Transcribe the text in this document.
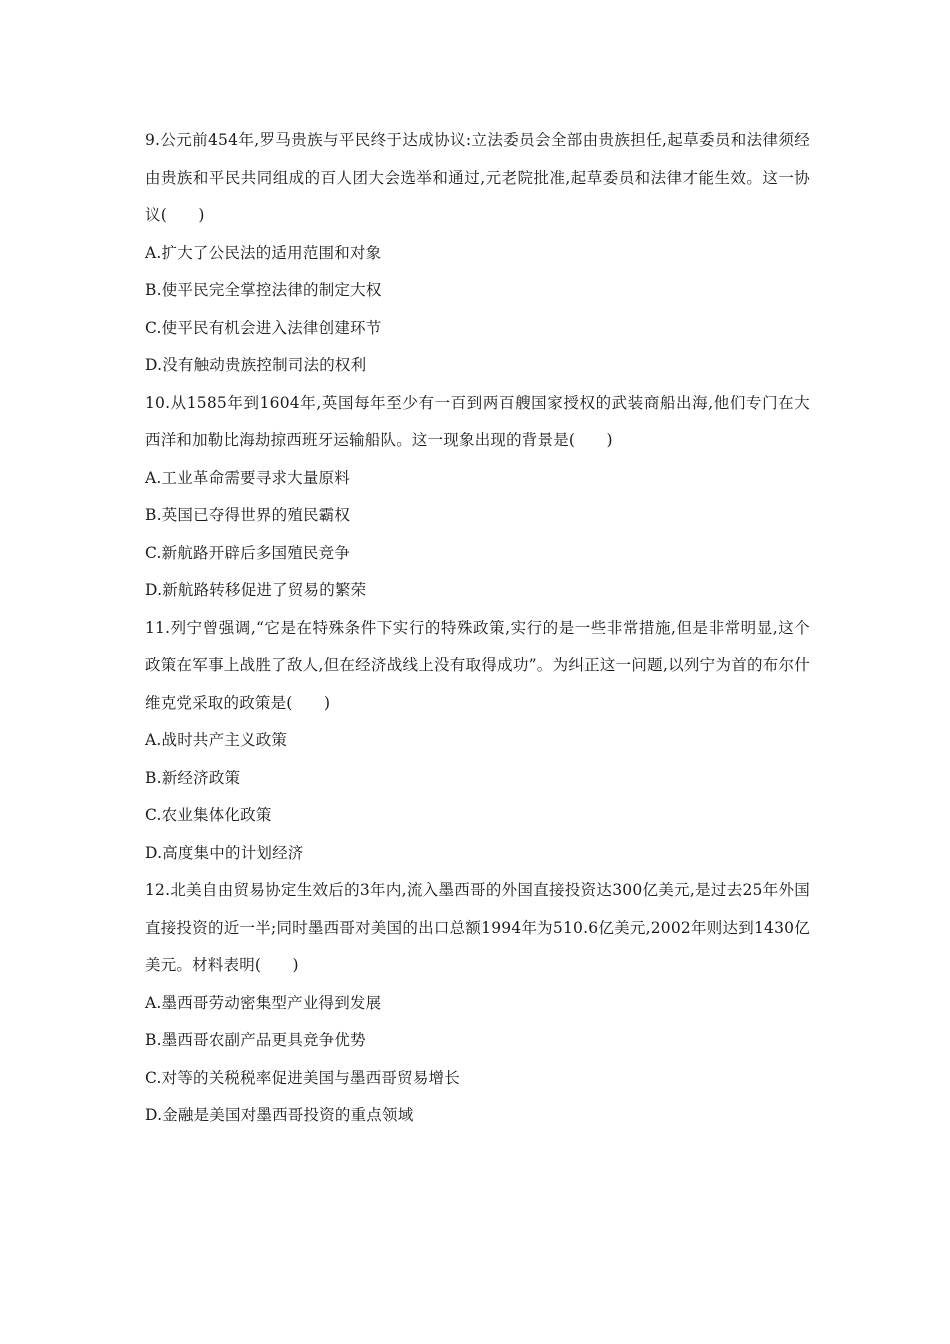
9.公元前454年,罗马贵族与平民终于达成协议:立法委员会全部由贵族担任,起草委员和法律须经由贵族和平民共同组成的百人团大会选举和通过,元老院批准,起草委员和法律才能生效。这一协议(　　)

A.扩大了公民法的适用范围和对象

B.使平民完全掌控法律的制定大权

C.使平民有机会进入法律创建环节

D.没有触动贵族控制司法的权利

10.从1585年到1604年,英国每年至少有一百到两百艘国家授权的武装商船出海,他们专门在大西洋和加勒比海劫掠西班牙运输船队。这一现象出现的背景是(　　)

A.工业革命需要寻求大量原料

B.英国已夺得世界的殖民霸权

C.新航路开辟后多国殖民竞争

D.新航路转移促进了贸易的繁荣

11.列宁曾强调,“它是在特殊条件下实行的特殊政策,实行的是一些非常措施,但是非常明显,这个政策在军事上战胜了敌人,但在经济战线上没有取得成功”。为纠正这一问题,以列宁为首的布尔什维克党采取的政策是(　　)

A.战时共产主义政策

B.新经济政策

C.农业集体化政策

D.高度集中的计划经济

12.北美自由贸易协定生效后的3年内,流入墨西哥的外国直接投资达300亿美元,是过去25年外国直接投资的近一半;同时墨西哥对美国的出口总额1994年为510.6亿美元,2002年则达到1430亿美元。材料表明(　　)

A.墨西哥劳动密集型产业得到发展

B.墨西哥农副产品更具竞争优势

C.对等的关税税率促进美国与墨西哥贸易增长

D.金融是美国对墨西哥投资的重点领域
